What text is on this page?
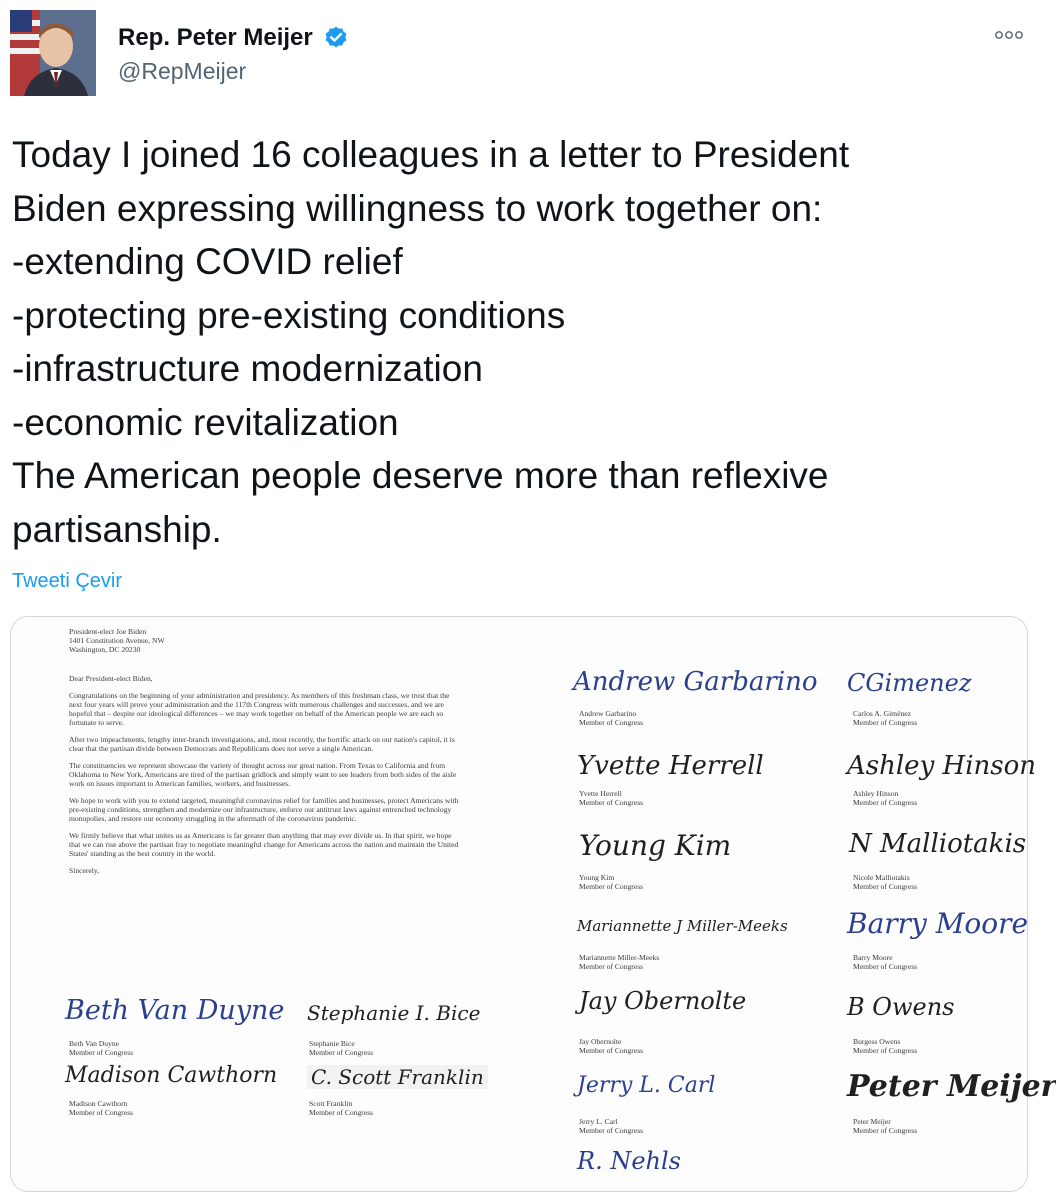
Rep. Peter Meijer
@RepMeijer
Today I joined 16 colleagues in a letter to President
Biden expressing willingness to work together on:
-extending COVID relief
-protecting pre-existing conditions
-infrastructure modernization
-economic revitalization
The American people deserve more than reflexive
partisanship.
Tweeti Çevir
President-elect Joe Biden
1401 Constitution Avenue, NW
Washington, DC 20230
Dear President-elect Biden,
Congratulations on the beginning of your administration and presidency. As members of this freshman class, we trust that the next four years will prove your administration and the 117th Congress with numerous challenges and successes, and we are hopeful that – despite our ideological differences – we may work together on behalf of the American people we are each so fortunate to serve.
After two impeachments, lengthy inter-branch investigations, and, most recently, the horrific attack on our nation's capitol, it is clear that the partisan divide between Democrats and Republicans does not serve a single American.
The constituencies we represent showcase the variety of thought across our great nation. From Texas to California and from Oklahoma to New York, Americans are tired of the partisan gridlock and simply want to see leaders from both sides of the aisle work on issues important to American families, workers, and businesses.
We hope to work with you to extend targeted, meaningful coronavirus relief for families and businesses, protect Americans with pre-existing conditions, strengthen and modernize our infrastructure, enforce our antitrust laws against entrenched technology monopolies, and restore our economy struggling in the aftermath of the coronavirus pandemic.
We firmly believe that what unites us as Americans is far greater than anything that may ever divide us. In that spirit, we hope that we can rise above the partisan fray to negotiate meaningful change for Americans across the nation and maintain the United States' standing as the best country in the world.
Sincerely,
Beth Van Duyne
Beth Van Duyne
Member of Congress
Stephanie I. Bice
Stephanie Bice
Member of Congress
Madison Cawthorn
Madison Cawthorn
Member of Congress
C. Scott Franklin
Scott Franklin
Member of Congress
Andrew Garbarino
Andrew Garbarino
Member of Congress
Yvette Herrell
Yvette Herrell
Member of Congress
Young Kim
Young Kim
Member of Congress
Mariannette J Miller-Meeks
Mariannette Miller-Meeks
Member of Congress
Jay Obernolte
Jay Obernolte
Member of Congress
Jerry L. Carl
Jerry L. Carl
Member of Congress
R. Nehls
CGimenez
Carlos A. Giménez
Member of Congress
Ashley Hinson
Ashley Hinson
Member of Congress
N Malliotakis
Nicole Malliotakis
Member of Congress
Barry Moore
Barry Moore
Member of Congress
B Owens
Burgess Owens
Member of Congress
Peter Meijer
Peter Meijer
Member of Congress
